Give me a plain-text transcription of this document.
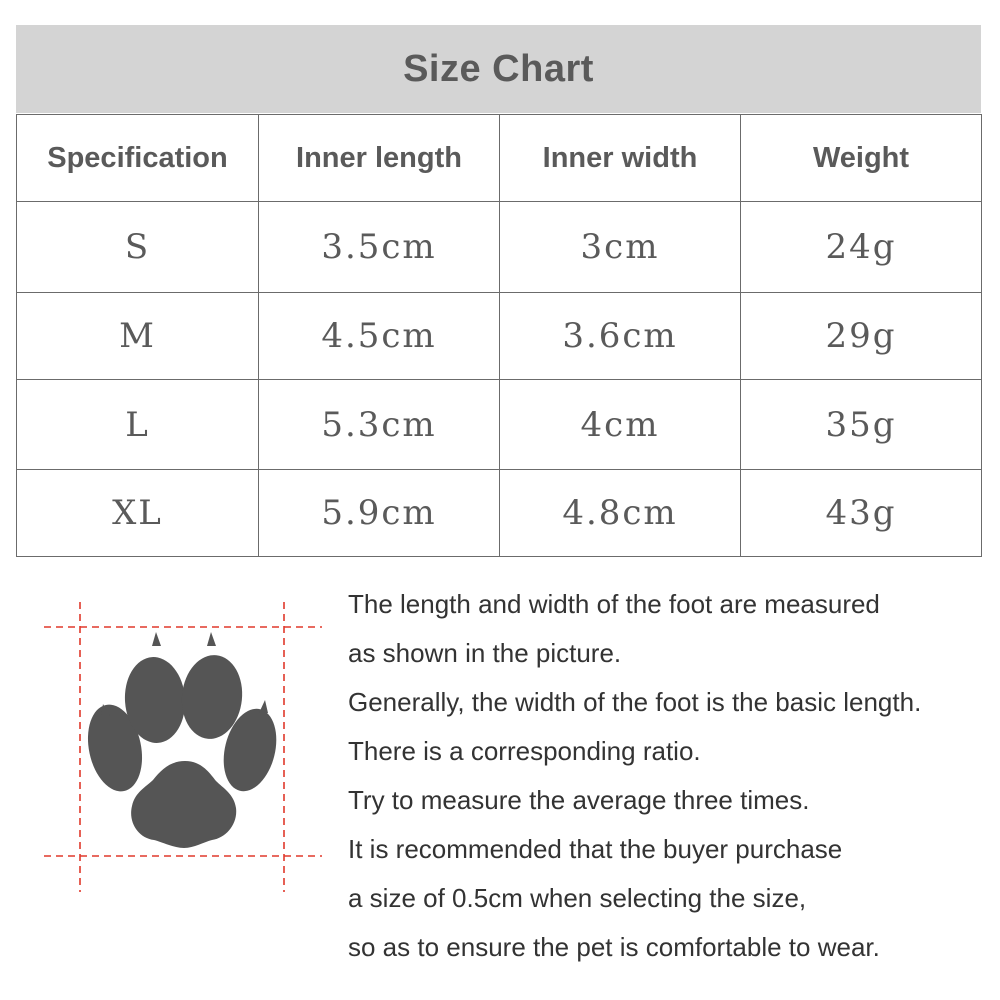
Size Chart
Specification	Inner length	Inner width	Weight
S	3.5cm	3cm	24g
M	4.5cm	3.6cm	29g
L	5.3cm	4cm	35g
XL	5.9cm	4.8cm	43g
The length and width of the foot are measured
as shown in the picture.
Generally, the width of the foot is the basic length.
There is a corresponding ratio.
Try to measure the average three times.
It is recommended that the buyer purchase
a size of 0.5cm when selecting the size,
so as to ensure the pet is comfortable to wear.
